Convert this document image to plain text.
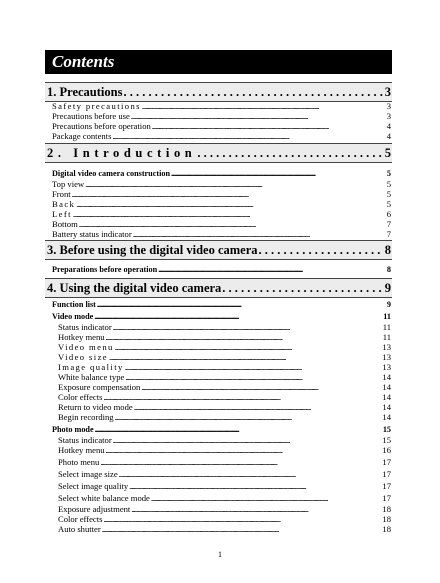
Contents
1. Precautions . . .	3
Safety precautions . . .	3
Precautions before use . . .	3
Precautions before operation . . .	4
Package contents . . .	4
2. Introduction . . .	5
Digital video camera construction . . .	5
Top view . . .	5
Front . . .	5
Back . . .	5
Left . . .	6
Bottom . . .	7
Battery status indicator . . .	7
3. Before using the digital video camera . . .	8
Preparations before operation . . .	8
4. Using the digital video camera . . .	9
Function list . . .	9
Video mode . . .	11
Status indicator . . .	11
Hotkey menu . . .	11
Video menu . . .	13
Video size . . .	13
Image quality . . .	13
White balance type . . .	14
Exposure compensation . . .	14
Color effects . . .	14
Return to video mode . . .	14
Begin recording . . .	14
Photo mode . . .	15
Status indicator . . .	15
Hotkey menu . . .	16
Photo menu . . .	17
Select image size . . .	17
Select image quality . . .	17
Select white balance mode . . .	17
Exposure adjustment . . .	18
Color effects . . .	18
Auto shutter . . .	18
1
